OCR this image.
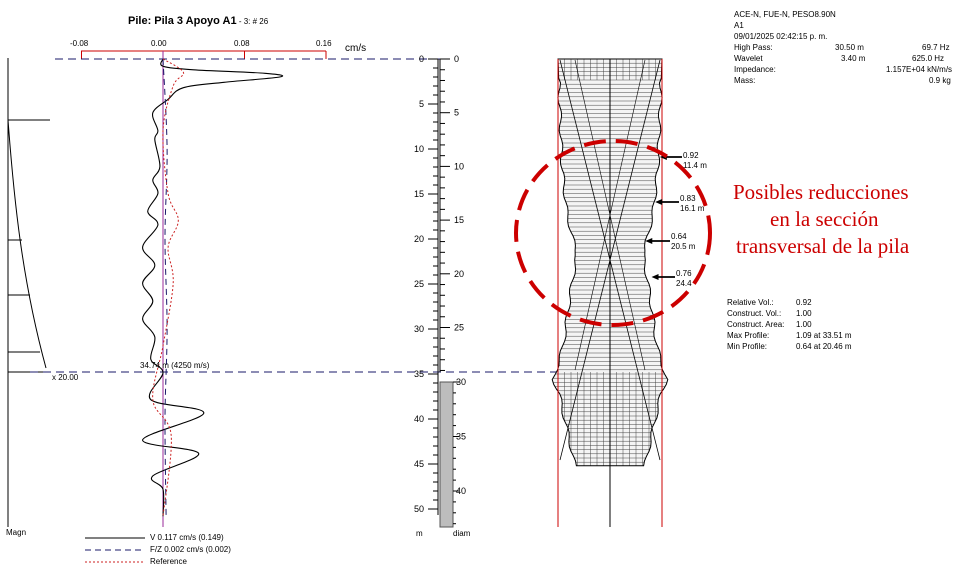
0
5
10
15
20
25
30
35
40
45
50
0
5
10
15
20
25
30
35
40
Pile: Pila 3 Apoyo A1 - 3: # 26
-0.08	0.00	0.08	0.16 cm/s
34.74 m (4250 m/s)
x 20.00
Magn
V 0.117 cm/s (0.149)
F/Z 0.002 cm/s (0.002)
Reference
m	diam
ACE-N, FUE-N, PESO8.90N
A1
09/01/2025 02:42:15 p. m.
High Pass:	30.50 m	69.7 Hz
Wavelet	3.40 m	625.0 Hz
Impedance:	1.157E+04 kN/m/s
Mass:	0.9 kg
Relative Vol.:	0.92
Construct. Vol.: 1.00
Construct. Area: 1.00
Max Profile:	1.09 at 33.51 m
Min Profile:	0.64 at 20.46 m
0.92
11.4 m
0.83
16.1 m
0.64
20.5 m
0.76
24.4
Posibles reducciones
en la sección
transversal de la pila
